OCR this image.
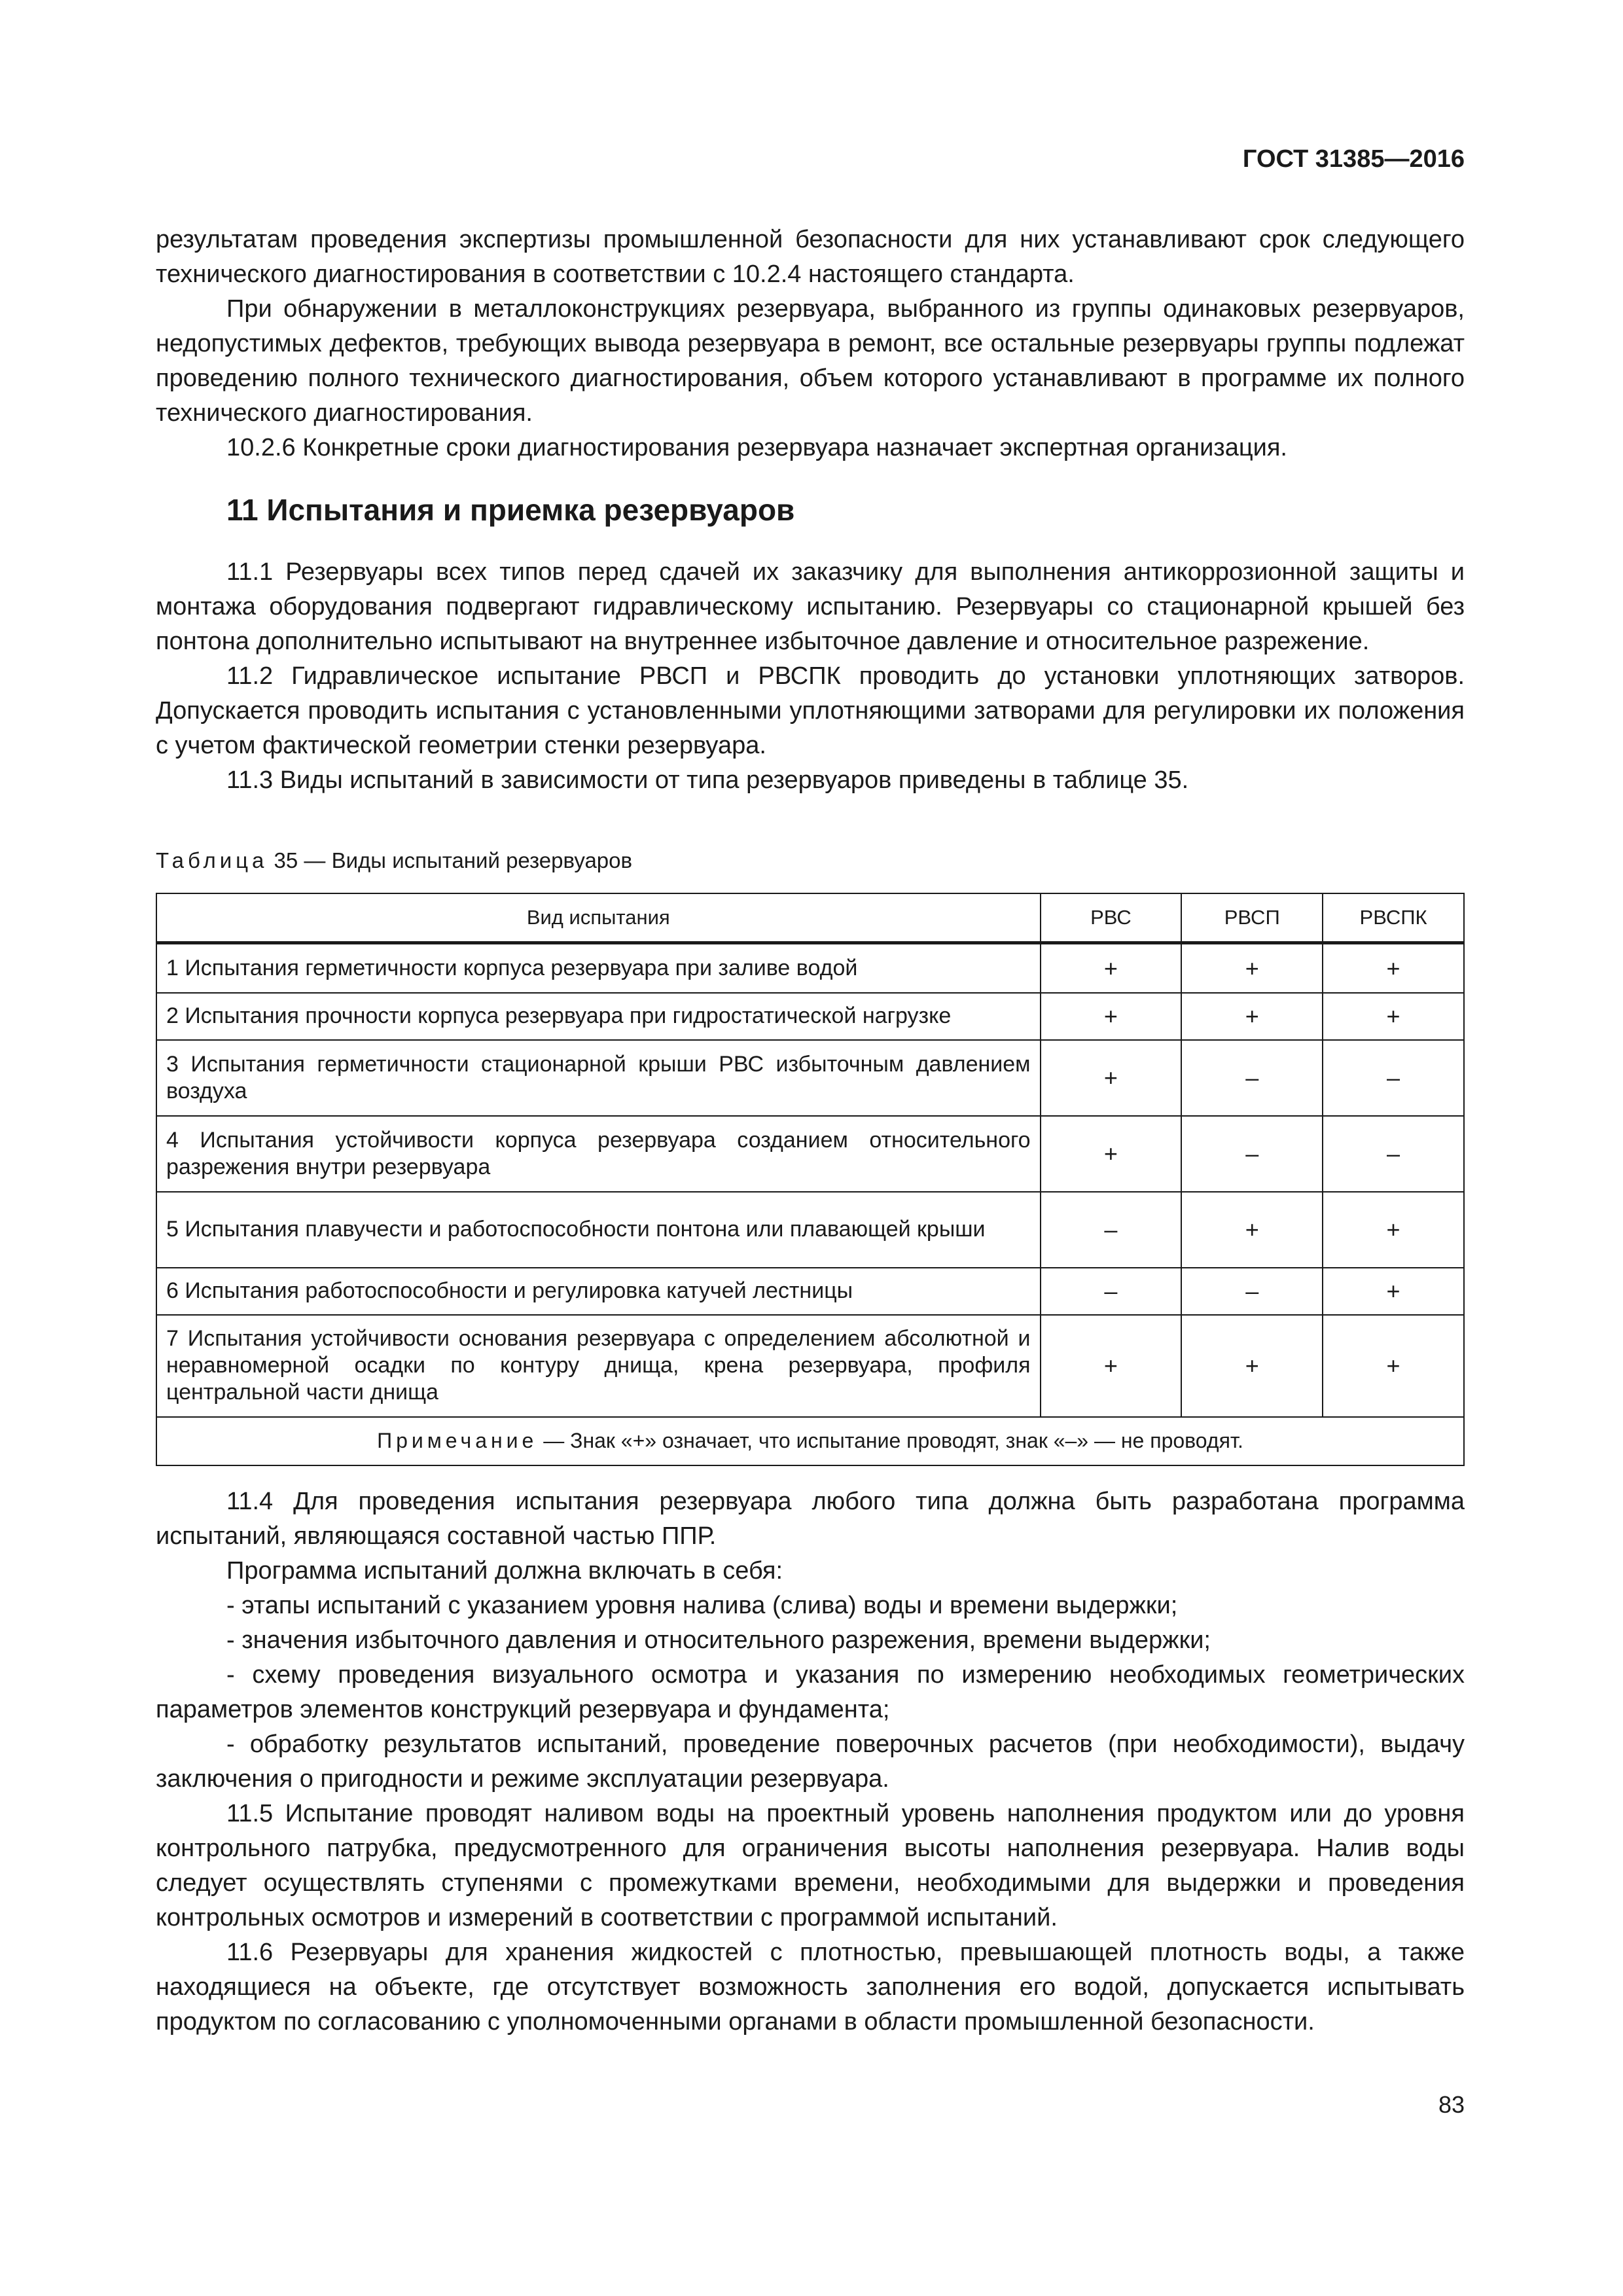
ГОСТ 31385—2016

результатам проведения экспертизы промышленной безопасности для них устанавливают срок следующего технического диагностирования в соответствии с 10.2.4 настоящего стандарта.

При обнаружении в металлоконструкциях резервуара, выбранного из группы одинаковых резервуаров, недопустимых дефектов, требующих вывода резервуара в ремонт, все остальные резервуары группы подлежат проведению полного технического диагностирования, объем которого устанавливают в программе их полного технического диагностирования.

10.2.6 Конкретные сроки диагностирования резервуара назначает экспертная организация.

11 Испытания и приемка резервуаров

11.1 Резервуары всех типов перед сдачей их заказчику для выполнения антикоррозионной защиты и монтажа оборудования подвергают гидравлическому испытанию. Резервуары со стационарной крышей без понтона дополнительно испытывают на внутреннее избыточное давление и относительное разрежение.

11.2 Гидравлическое испытание РВСП и РВСПК проводить до установки уплотняющих затворов. Допускается проводить испытания с установленными уплотняющими затворами для регулировки их положения с учетом фактической геометрии стенки резервуара.

11.3 Виды испытаний в зависимости от типа резервуаров приведены в таблице 35.

Таблица 35 — Виды испытаний резервуаров
Вид испытания	РВС	РВСП	РВСПК
1 Испытания герметичности корпуса резервуара при заливе водой	+	+	+
2 Испытания прочности корпуса резервуара при гидростатической нагрузке	+	+	+
3 Испытания герметичности стационарной крыши РВС избыточным давлением воздуха	+	–	–
4 Испытания устойчивости корпуса резервуара созданием относительного разрежения внутри резервуара	+	–	–
5 Испытания плавучести и работоспособности понтона или плавающей крыши	–	+	+
6 Испытания работоспособности и регулировка катучей лестницы	–	–	+
7 Испытания устойчивости основания резервуара с определением абсолютной и неравномерной осадки по контуру днища, крена резервуара, профиля центральной части днища	+	+	+
Примечание — Знак «+» означает, что испытание проводят, знак «–» — не проводят.			

11.4 Для проведения испытания резервуара любого типа должна быть разработана программа испытаний, являющаяся составной частью ППР.

Программа испытаний должна включать в себя:

- этапы испытаний с указанием уровня налива (слива) воды и времени выдержки;

- значения избыточного давления и относительного разрежения, времени выдержки;

- схему проведения визуального осмотра и указания по измерению необходимых геометрических параметров элементов конструкций резервуара и фундамента;

- обработку результатов испытаний, проведение поверочных расчетов (при необходимости), выдачу заключения о пригодности и режиме эксплуатации резервуара.

11.5 Испытание проводят наливом воды на проектный уровень наполнения продуктом или до уровня контрольного патрубка, предусмотренного для ограничения высоты наполнения резервуара. Налив воды следует осуществлять ступенями с промежутками времени, необходимыми для выдержки и проведения контрольных осмотров и измерений в соответствии с программой испытаний.

11.6 Резервуары для хранения жидкостей с плотностью, превышающей плотность воды, а также находящиеся на объекте, где отсутствует возможность заполнения его водой, допускается испытывать продуктом по согласованию с уполномоченными органами в области промышленной безопасности.

83
